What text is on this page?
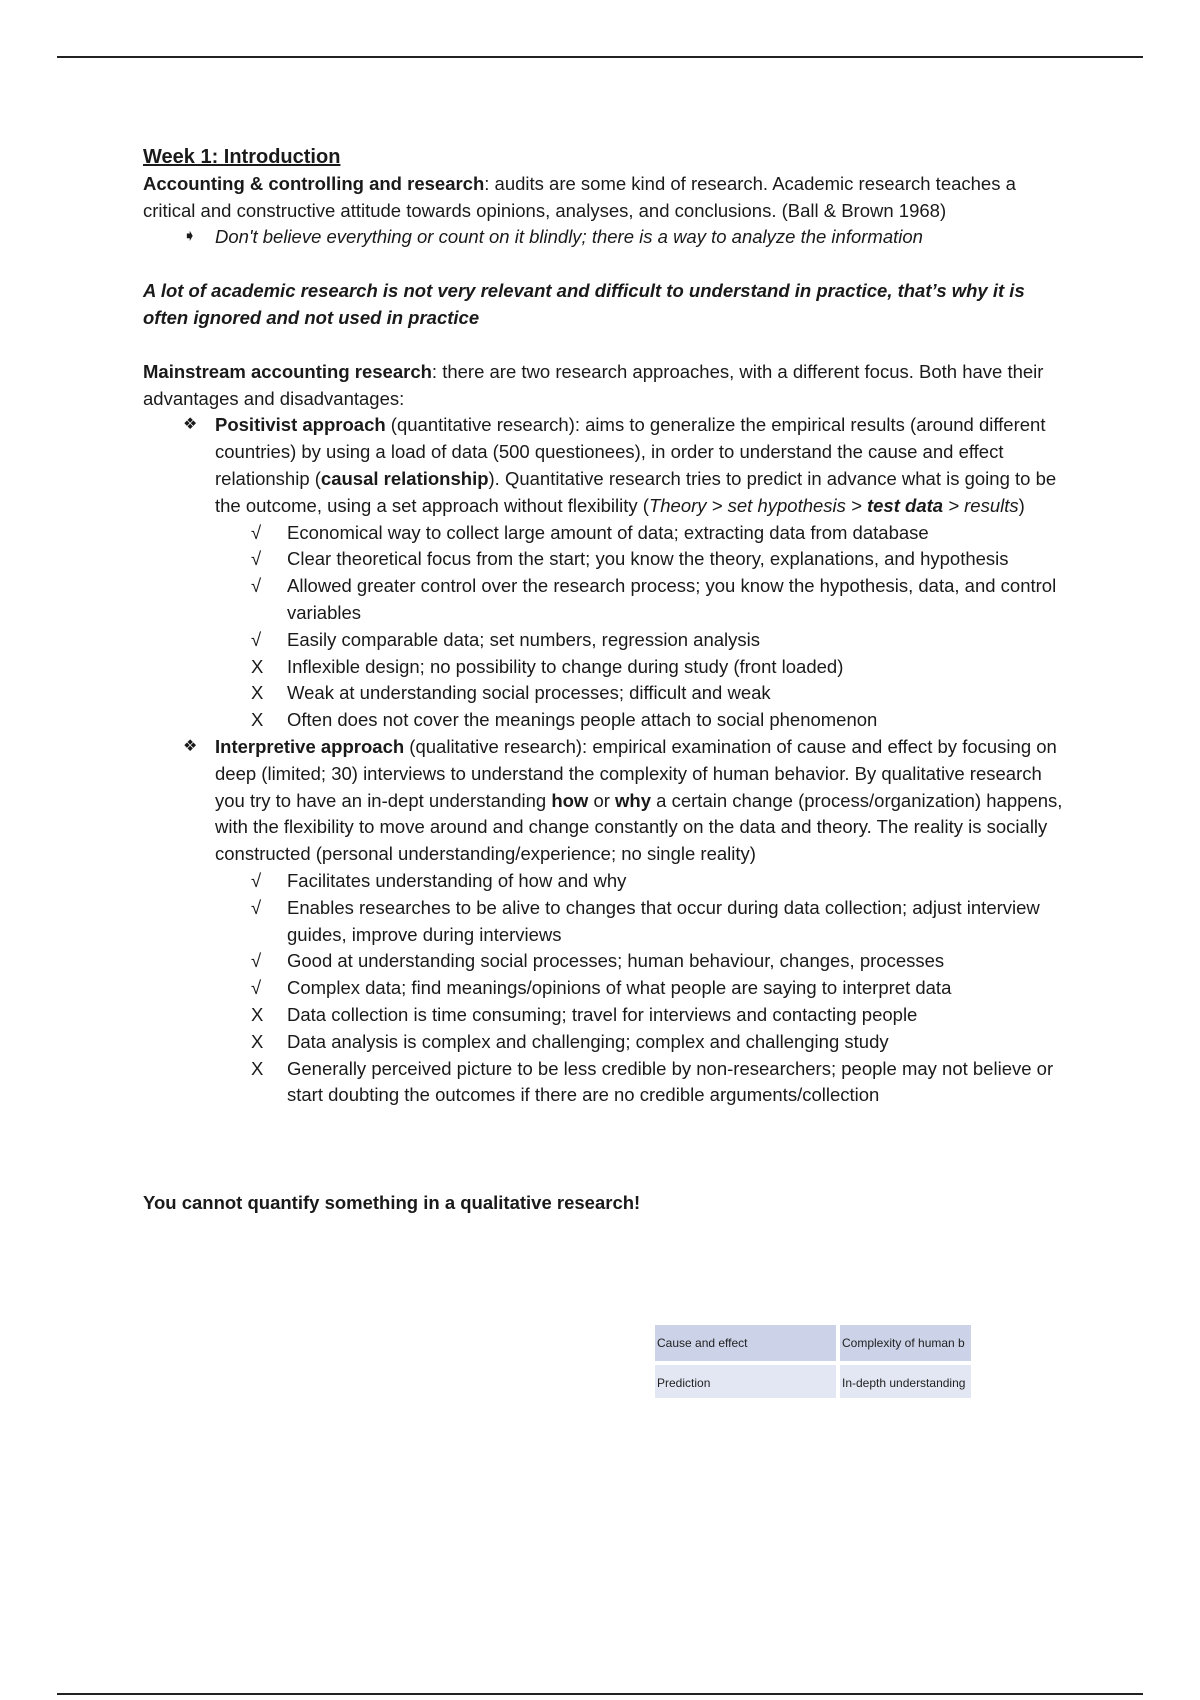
Week 1: Introduction

Accounting & controlling and research: audits are some kind of research. Academic research teaches a critical and constructive attitude towards opinions, analyses, and conclusions. (Ball & Brown 1968)

➧	Don't believe everything or count on it blindly; there is a way to analyze the information

A lot of academic research is not very relevant and difficult to understand in practice, that’s why it is often ignored and not used in practice

Mainstream accounting research: there are two research approaches, with a different focus. Both have their advantages and disadvantages:

❖ Positivist approach (quantitative research): aims to generalize the empirical results (around different countries) by using a load of data (500 questionees), in order to understand the cause and effect relationship (causal relationship). Quantitative research tries to predict in advance what is going to be the outcome, using a set approach without flexibility (Theory > set hypothesis > test data > results)
√	Economical way to collect large amount of data; extracting data from database
√	Clear theoretical focus from the start; you know the theory, explanations, and hypothesis
√	Allowed greater control over the research process; you know the hypothesis, data, and control variables
√	Easily comparable data; set numbers, regression analysis
X	Inflexible design; no possibility to change during study (front loaded)
X	Weak at understanding social processes; difficult and weak
X	Often does not cover the meanings people attach to social phenomenon
❖ Interpretive approach (qualitative research): empirical examination of cause and effect by focusing on deep (limited; 30) interviews to understand the complexity of human behavior. By qualitative research you try to have an in-dept understanding how or why a certain change (process/organization) happens, with the flexibility to move around and change constantly on the data and theory. The reality is socially constructed (personal understanding/experience; no single reality)
√	Facilitates understanding of how and why
√	Enables researches to be alive to changes that occur during data collection; adjust interview guides, improve during interviews
√	Good at understanding social processes; human behaviour, changes, processes
√	Complex data; find meanings/opinions of what people are saying to interpret data
X	Data collection is time consuming; travel for interviews and contacting people
X	Data analysis is complex and challenging; complex and challenging study
X	Generally perceived picture to be less credible by non-researchers; people may not believe or start doubting the outcomes if there are no credible arguments/collection

You cannot quantify something in a qualitative research!

Cause and effect	Complexity of human b
Prediction	In-depth understanding
